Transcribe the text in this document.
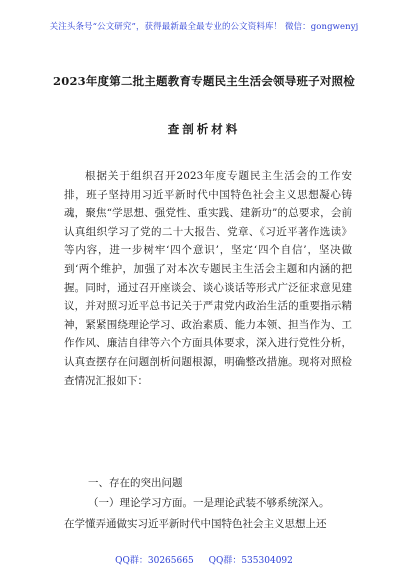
关注头条号“公文研究”，获得最新最全最专业的公文资料库！ 微信：gongwenyj
2023年度第二批主题教育专题民主生活会领导班子对照检
查剖析材料

根据关于组织召开2023年度专题民主生活会的工作安排，班子坚持用习近平新时代中国特色社会主义思想凝心铸魂，聚焦“学思想、强党性、重实践、建新功”的总要求，会前认真组织学习了党的二十大报告、党章、《习近平著作选读》等内容，进一步树牢‘四个意识’，坚定‘四个自信’，坚决做到‘两个维护，加强了对本次专题民主生活会主题和内涵的把握。同时，通过召开座谈会、谈心谈话等形式广泛征求意见建议，并对照习近平总书记关于严肃党内政治生活的重要指示精神，紧紧围绕理论学习、政治素质、能力本领、担当作为、工作作风、廉洁自律等六个方面具体要求，深入进行党性分析，认真查摆存在问题剖析问题根源，明确整改措施。现将对照检查情况汇报如下：

一、存在的突出问题

（一）理论学习方面。一是理论武装不够系统深入。

在学懂弄通做实习近平新时代中国特色社会主义思想上还

QQ群：30265665 QQ群：535304092
